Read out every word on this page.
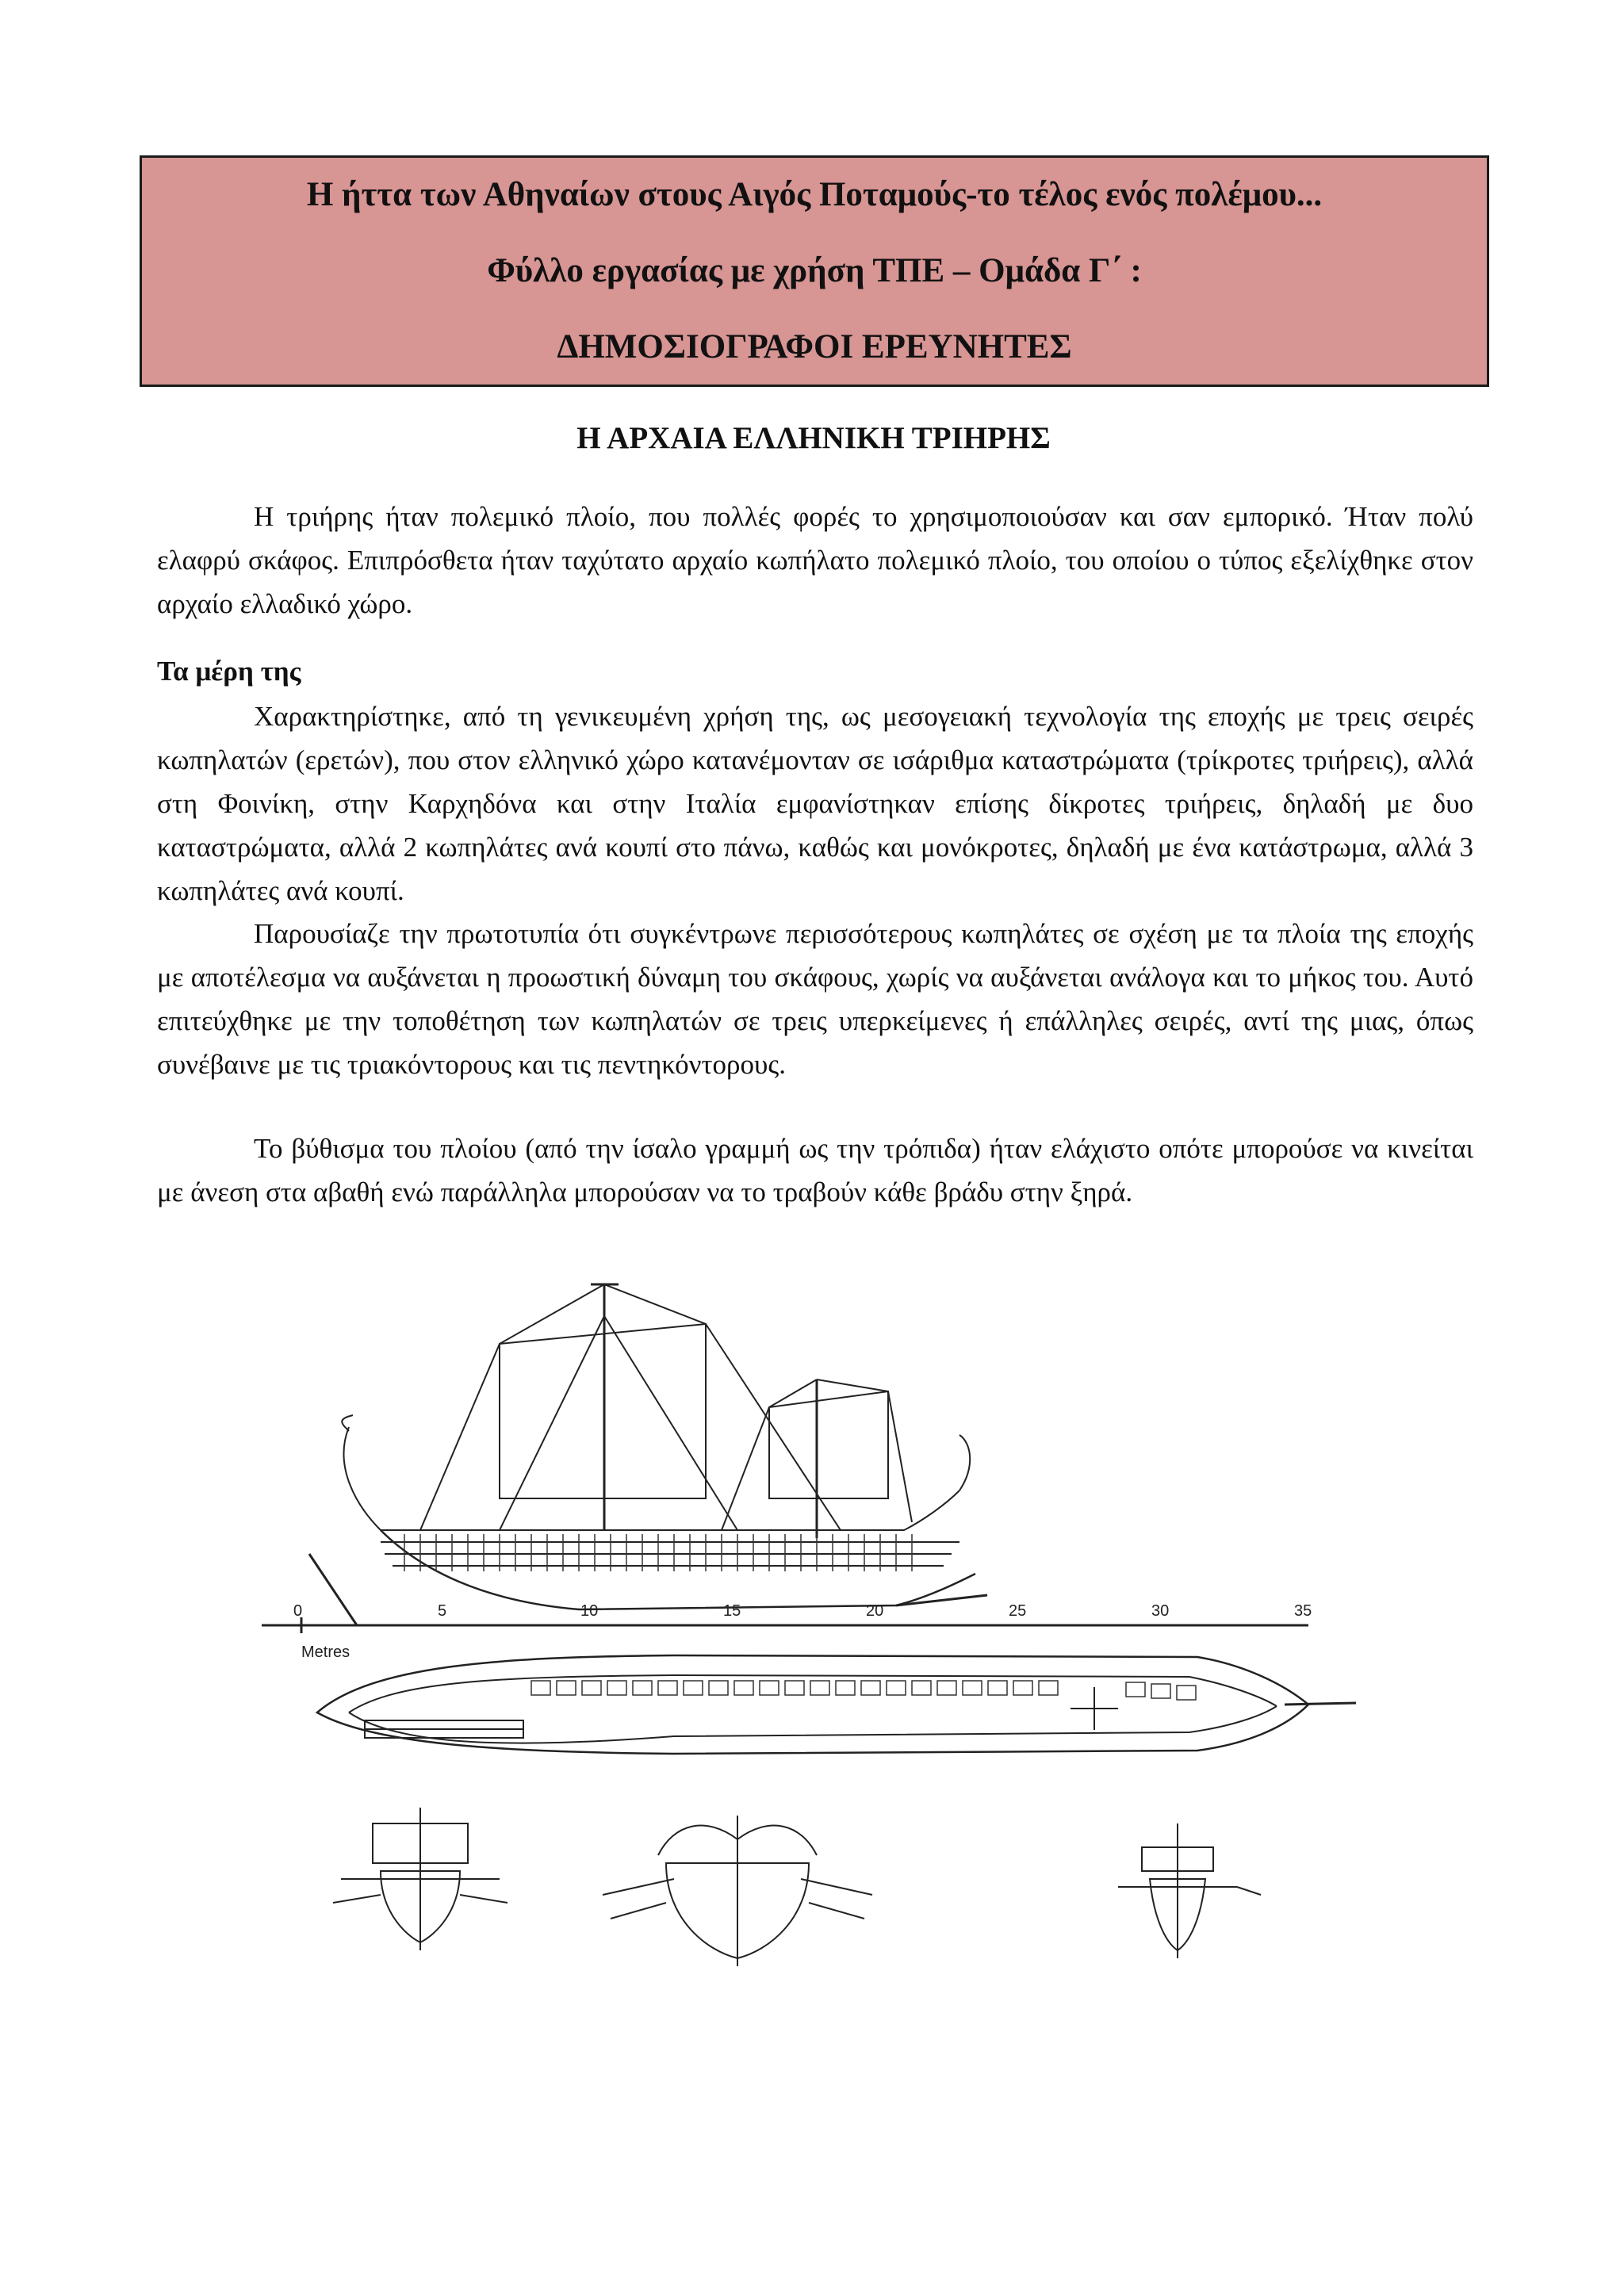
Η ήττα των Αθηναίων στους Αιγός Ποταμούς-το τέλος ενός πολέμου...
Φύλλο εργασίας με χρήση ΤΠΕ – Ομάδα Γ΄ :
ΔΗΜΟΣΙΟΓΡΑΦΟΙ ΕΡΕΥΝΗΤΕΣ
Η ΑΡΧΑΙΑ ΕΛΛΗΝΙΚΗ ΤΡΙΗΡΗΣ

Η τριήρης ήταν πολεμικό πλοίο, που πολλές φορές το χρησιμοποιούσαν και σαν εμπορικό. Ήταν πολύ ελαφρύ σκάφος. Επιπρόσθετα ήταν ταχύτατο αρχαίο κωπήλατο πολεμικό πλοίο, του οποίου ο τύπος εξελίχθηκε στον αρχαίο ελλαδικό χώρο.

Τα μέρη της

Χαρακτηρίστηκε, από τη γενικευμένη χρήση της, ως μεσογειακή τεχνολογία της εποχής με τρεις σειρές κωπηλατών (ερετών), που στον ελληνικό χώρο κατανέμονταν σε ισάριθμα καταστρώματα (τρίκροτες τριήρεις), αλλά στη Φοινίκη, στην Καρχηδόνα και στην Ιταλία εμφανίστηκαν επίσης δίκροτες τριήρεις, δηλαδή με δυο καταστρώματα, αλλά 2 κωπηλάτες ανά κουπί στο πάνω, καθώς και μονόκροτες, δηλαδή με ένα κατάστρωμα, αλλά 3 κωπηλάτες ανά κουπί.

Παρουσίαζε την πρωτοτυπία ότι συγκέντρωνε περισσότερους κωπηλάτες σε σχέση με τα πλοία της εποχής με αποτέλεσμα να αυξάνεται η προωστική δύναμη του σκάφους, χωρίς να αυξάνεται ανάλογα και το μήκος του. Αυτό επιτεύχθηκε με την τοποθέτηση των κωπηλατών σε τρεις υπερκείμενες ή επάλληλες σειρές, αντί της μιας, όπως συνέβαινε με τις τριακόντορους και τις πεντηκόντορους.

Το βύθισμα του πλοίου (από την ίσαλο γραμμή ως την τρόπιδα) ήταν ελάχιστο οπότε μπορούσε να κινείται με άνεση στα αβαθή ενώ παράλληλα μπορούσαν να το τραβούν κάθε βράδυ στην ξηρά.

0	5	10	15	20	25	30	35
Metres
